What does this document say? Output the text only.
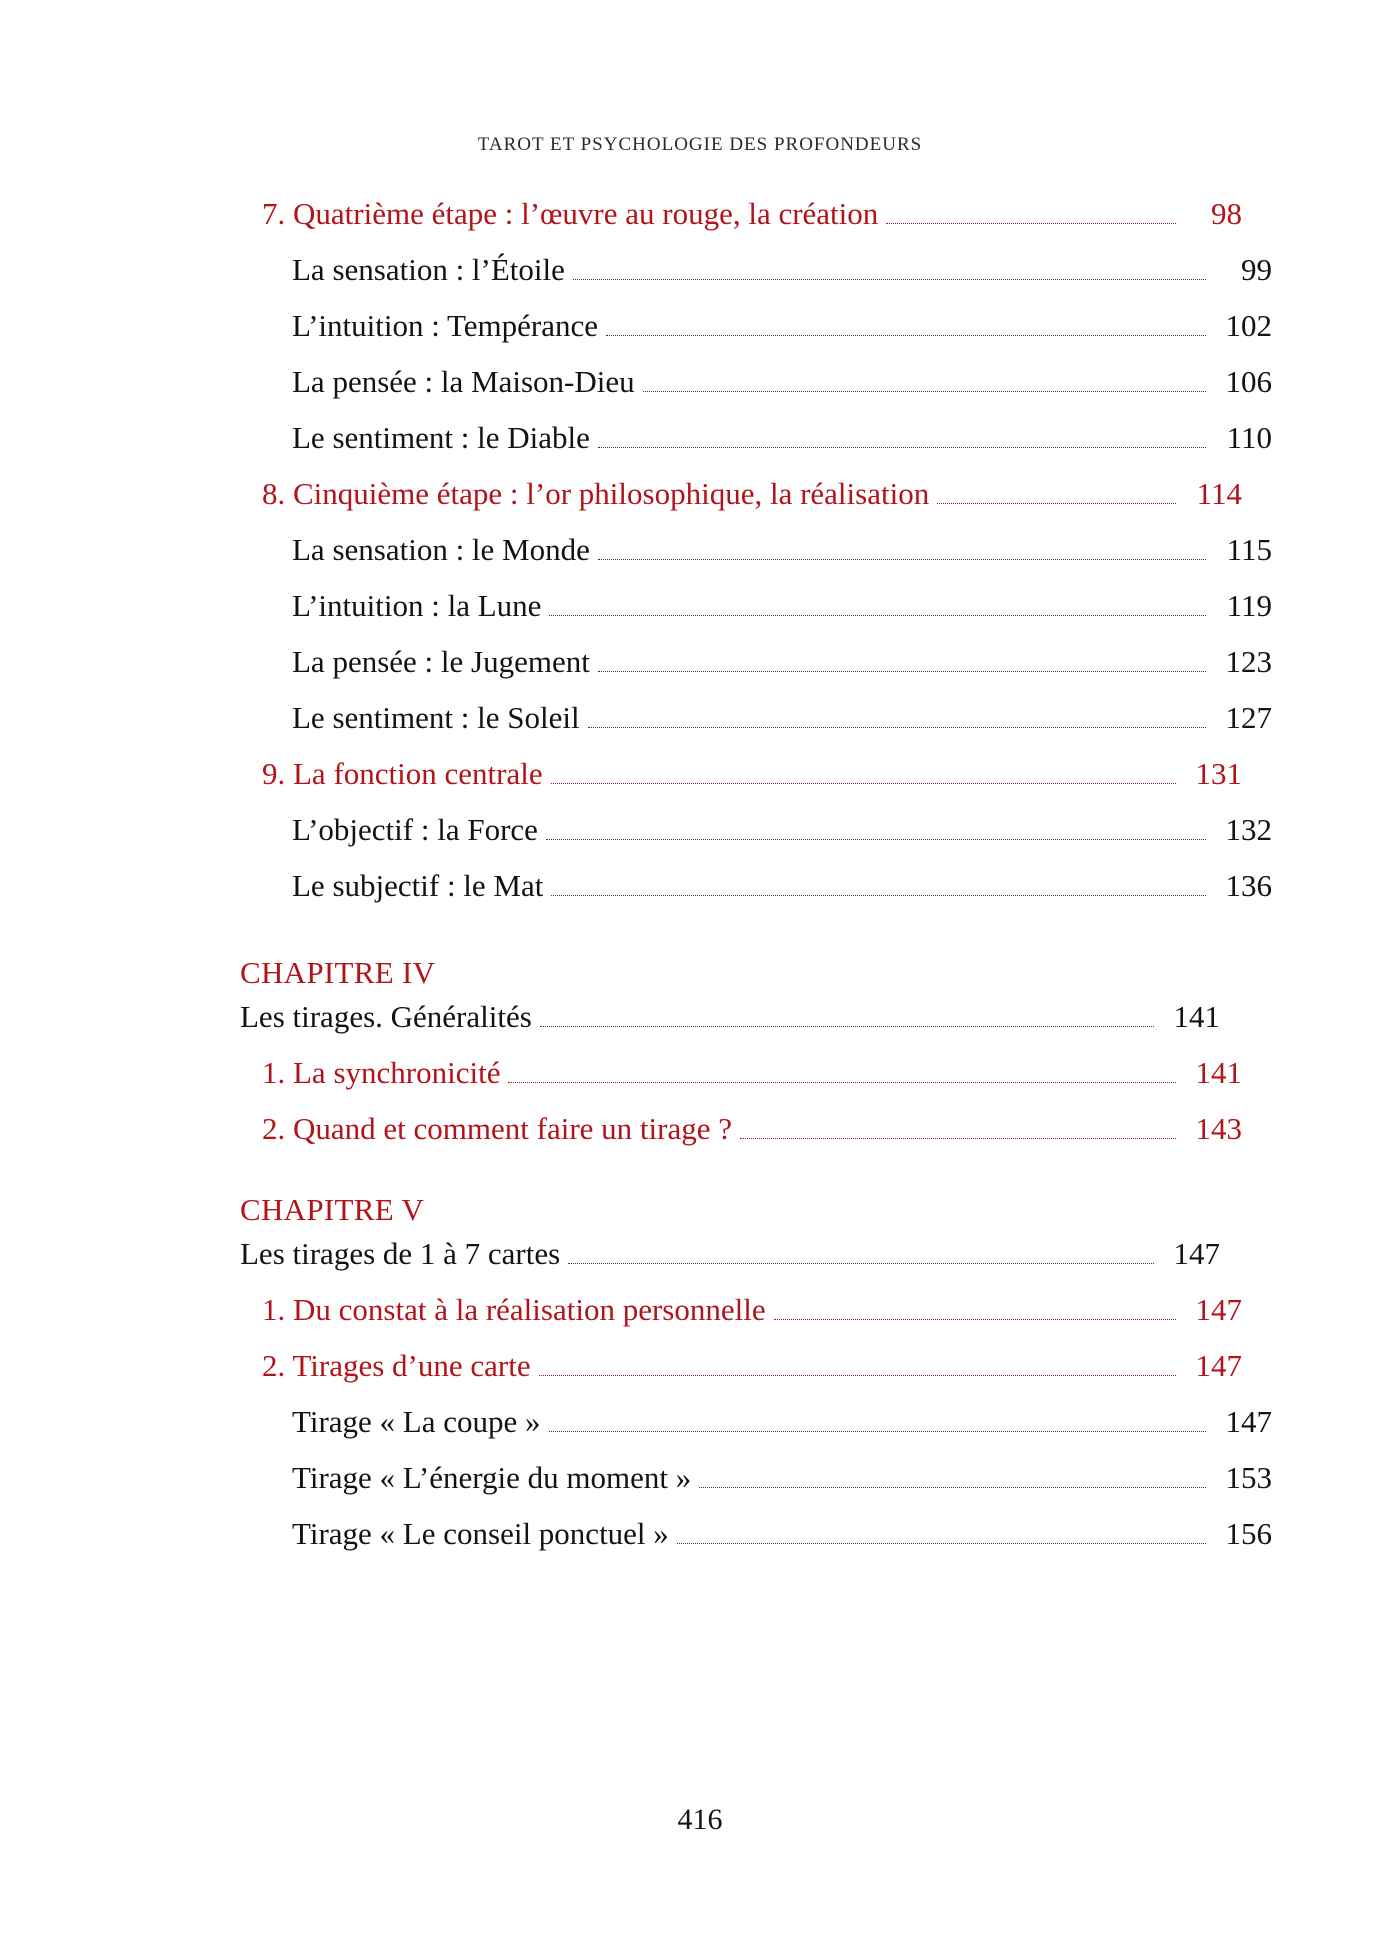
TAROT ET PSYCHOLOGIE DES PROFONDEURS
7. Quatrième étape : l’œuvre au rouge, la création	98
La sensation : l’Étoile	99
L’intuition : Tempérance	102
La pensée : la Maison-Dieu	106
Le sentiment : le Diable	110
8. Cinquième étape : l’or philosophique, la réalisation	114
La sensation : le Monde	115
L’intuition : la Lune	119
La pensée : le Jugement	123
Le sentiment : le Soleil	127
9. La fonction centrale	131
L’objectif : la Force	132
Le subjectif : le Mat	136
CHAPITRE IV
Les tirages. Généralités	141
1. La synchronicité	141
2. Quand et comment faire un tirage ?	143
CHAPITRE V
Les tirages de 1 à 7 cartes	147
1. Du constat à la réalisation personnelle	147
2. Tirages d’une carte	147
Tirage « La coupe »	147
Tirage « L’énergie du moment »	153
Tirage « Le conseil ponctuel »	156
416
